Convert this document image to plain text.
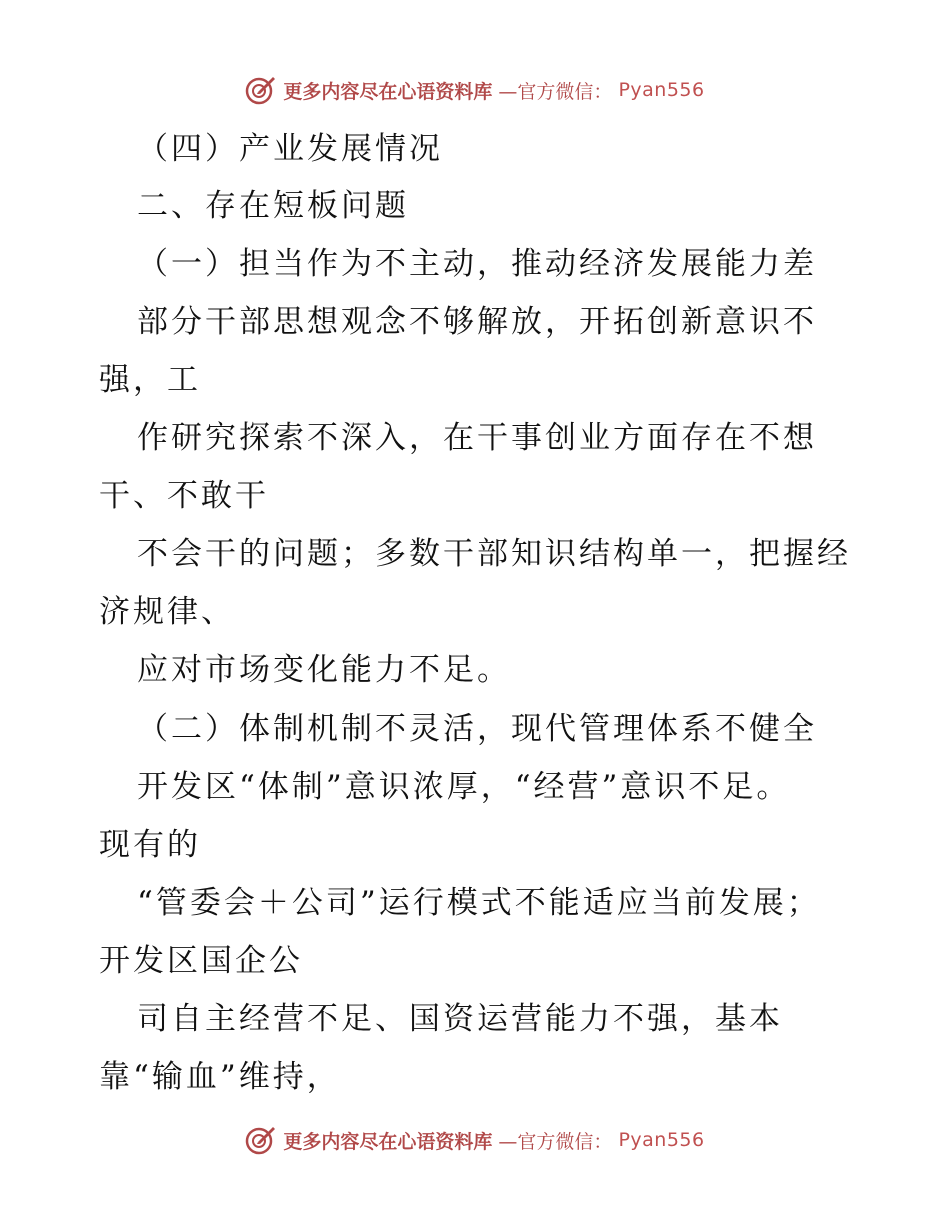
更多内容尽在心语资料库 —官方微信： Pyan556
（四）产业发展情况
二、存在短板问题
（一）担当作为不主动，推动经济发展能力差
部分干部思想观念不够解放，开拓创新意识不
强，工
作研究探索不深入，在干事创业方面存在不想
干、不敢干
不会干的问题；多数干部知识结构单一，把握经
济规律、
应对市场变化能力不足。
（二）体制机制不灵活，现代管理体系不健全
开发区“体制”意识浓厚，“经营”意识不足。
现有的
“管委会＋公司”运行模式不能适应当前发展；
开发区国企公
司自主经营不足、国资运营能力不强，基本
靠“输血”维持，
更多内容尽在心语资料库 —官方微信： Pyan556
